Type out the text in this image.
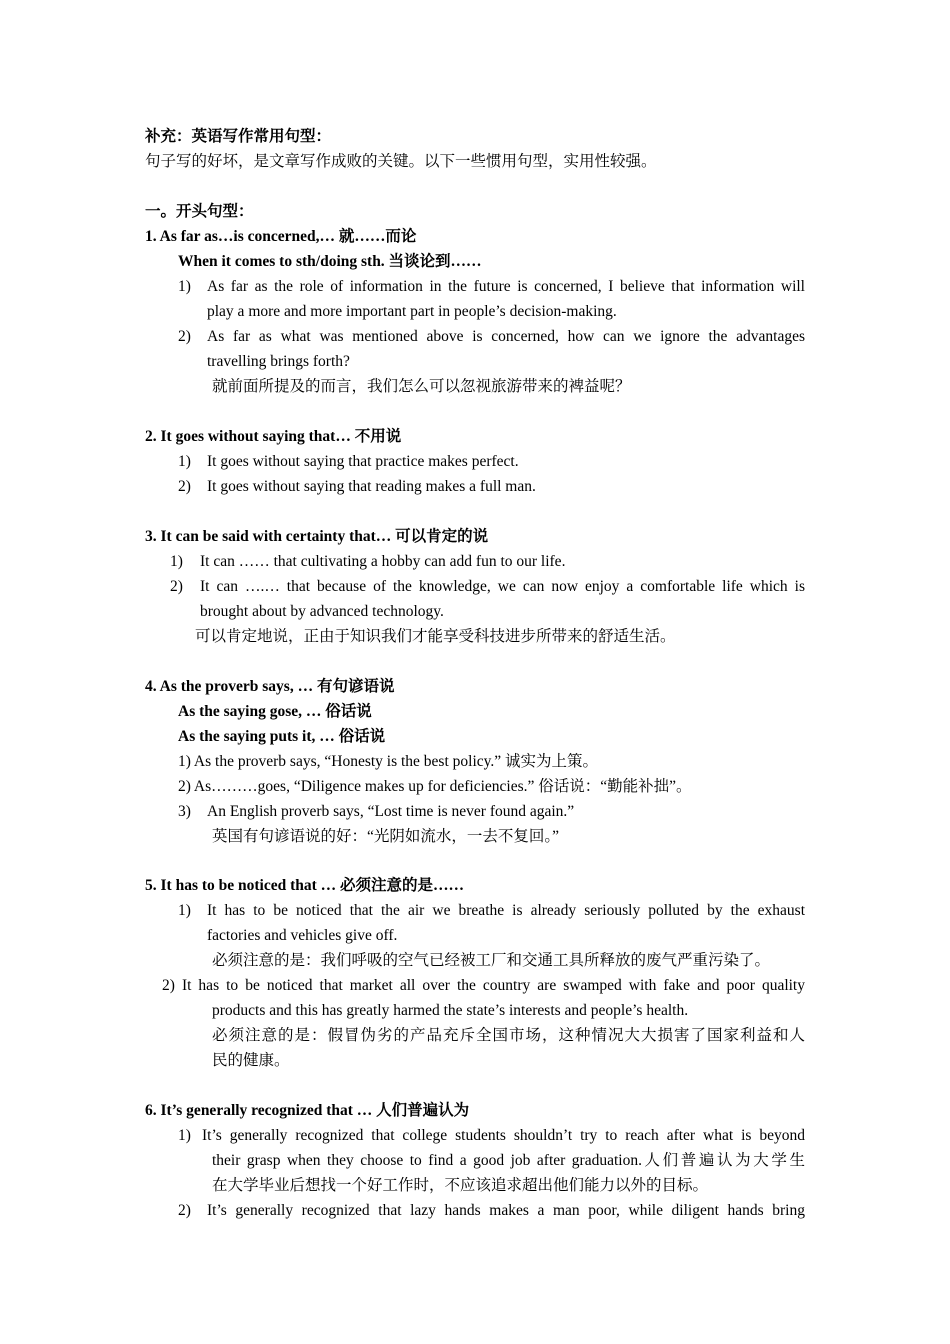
补充：英语写作常用句型：
句子写的好坏，是文章写作成败的关键。以下一些惯用句型，实用性较强。
一。开头句型：
1. As far as…is concerned,… 就……而论
When it comes to sth/doing sth. 当谈论到……
1) As far as the role of information in the future is concerned, I believe that information will
play a more and more important part in people’s decision-making.
2) As far as what was mentioned above is concerned, how can we ignore the advantages
travelling brings forth?
就前面所提及的而言，我们怎么可以忽视旅游带来的裨益呢？
2. It goes without saying that… 不用说
1) It goes without saying that practice makes perfect.
2) It goes without saying that reading makes a full man.
3. It can be said with certainty that… 可以肯定的说
1) It can …… that cultivating a hobby can add fun to our life.
2) It can ….… that because of the knowledge, we can now enjoy a comfortable life which is
brought about by advanced technology.
可以肯定地说，正由于知识我们才能享受科技进步所带来的舒适生活。
4. As the proverb says, … 有句谚语说
As the saying gose, … 俗话说
As the saying puts it, … 俗话说
1) As the proverb says, “Honesty is the best policy.” 诚实为上策。
2) As………goes, “Diligence makes up for deficiencies.” 俗话说：“勤能补拙”。
3) An English proverb says, “Lost time is never found again.”
英国有句谚语说的好：“光阴如流水，一去不复回。”
5. It has to be noticed that … 必须注意的是……
1) It has to be noticed that the air we breathe is already seriously polluted by the exhaust
factories and vehicles give off.
必须注意的是：我们呼吸的空气已经被工厂和交通工具所释放的废气严重污染了。
2) It has to be noticed that market all over the country are swamped with fake and poor quality
products and this has greatly harmed the state’s interests and people’s health.
必须注意的是：假冒伪劣的产品充斥全国市场，这种情况大大损害了国家利益和人
民的健康。
6. It’s generally recognized that … 人们普遍认为
1) It’s generally recognized that college students shouldn’t try to reach after what is beyond
their grasp when they choose to find a good job after graduation.人们普遍认为大学生
在大学毕业后想找一个好工作时，不应该追求超出他们能力以外的目标。
2) It’s generally recognized that lazy hands makes a man poor, while diligent hands bring
